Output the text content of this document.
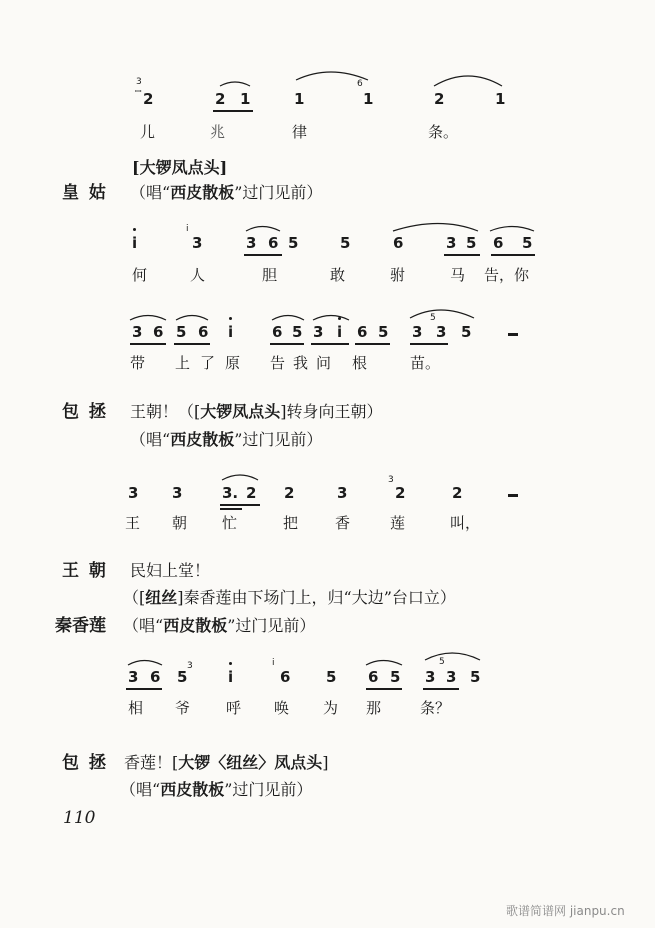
3
ꟷ 2	2 1	1
6
1	2	1
儿	兆	律	条。
[大锣凤点头]
皇 姑 （唱“西皮散板”过门见前）
i
i
3	3 6 5	5	6	3 5 6 5
何	人	胆	敢	驸	马 告，你
3 6 5 6 i	6 5 3 i 6 5 3
5
3 5
带 上 了 原 告 我 问 根	苗。
包 拯 王朝！（[大锣凤点头]转身向王朝）
（唱“西皮散板”过门见前）
3 3	3. 2 2	3
3
2	2
王 朝 忙	把 香	莲	叫，
王 朝 民妇上堂！
（[纽丝]秦香莲由下场门上，归“大边”台口立）
秦香莲 （唱“西皮散板”过门见前）
3 6 5
3
i
i
6 5 6 5 3
5
3 5
相 爷 呼 唤 为 那	条？
包 拯 香莲！[大锣〈纽丝〉凤点头]
（唱“西皮散板”过门见前）
110
歌谱简谱网 jianpu.cn
